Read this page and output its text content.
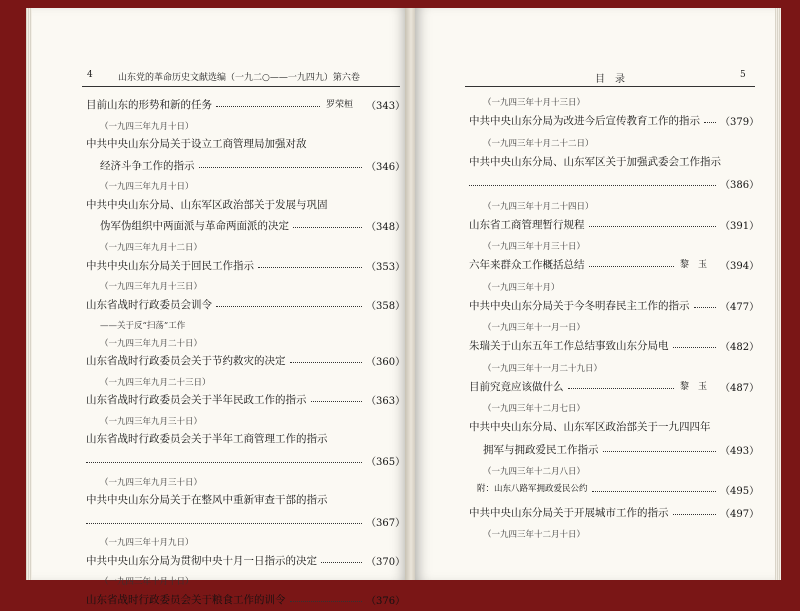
4	山东党的革命历史文献选编（一九二○——一九四九）第六卷
目前山东的形势和新的任务	（343）
罗荣桓
（一九四三年九月十日）
中共中央山东分局关于设立工商管理局加强对敌
经济斗争工作的指示	（346）
（一九四三年九月十日）
中共中央山东分局、山东军区政治部关于发展与巩固
伪军伪组织中两面派与革命两面派的决定	（348）
（一九四三年九月十二日）
中共中央山东分局关于回民工作指示	（353）
（一九四三年九月十三日）
山东省战时行政委员会训令	（358）
——关于反“扫荡”工作
（一九四三年九月二十日）
山东省战时行政委员会关于节约救灾的决定	（360）
（一九四三年九月二十三日）
山东省战时行政委员会关于半年民政工作的指示	（363）
（一九四三年九月三十日）
山东省战时行政委员会关于半年工商管理工作的指示
（365）
（一九四三年九月三十日）
中共中央山东分局关于在整风中重新审查干部的指示
（367）
（一九四三年十月九日）
中共中央山东分局为贯彻中央十月一日指示的决定	（370）
（一九四三年十月十日）
山东省战时行政委员会关于粮食工作的训令	（376）
目　录	5
（一九四三年十月十三日）
中共中央山东分局为改进今后宣传教育工作的指示 （379）
（一九四三年十月二十二日）
中共中央山东分局、山东军区关于加强武委会工作指示
（386）
（一九四三年十月二十四日）
山东省工商管理暂行规程	（391）
（一九四三年十月三十日）
六年来群众工作概括总结	（394）
黎　玉
（一九四三年十月）
中共中央山东分局关于今冬明春民主工作的指示	（477）
（一九四三年十一月一日）
朱瑞关于山东五年工作总结事致山东分局电	（482）
（一九四三年十一月二十九日）
目前究竟应该做什么	（487）
黎　玉
（一九四三年十二月七日）
中共中央山东分局、山东军区政治部关于一九四四年
拥军与拥政爱民工作指示	（493）
（一九四三年十二月八日）
附：山东八路军拥政爱民公约	（495）
中共中央山东分局关于开展城市工作的指示	（497）
（一九四三年十二月十日）
